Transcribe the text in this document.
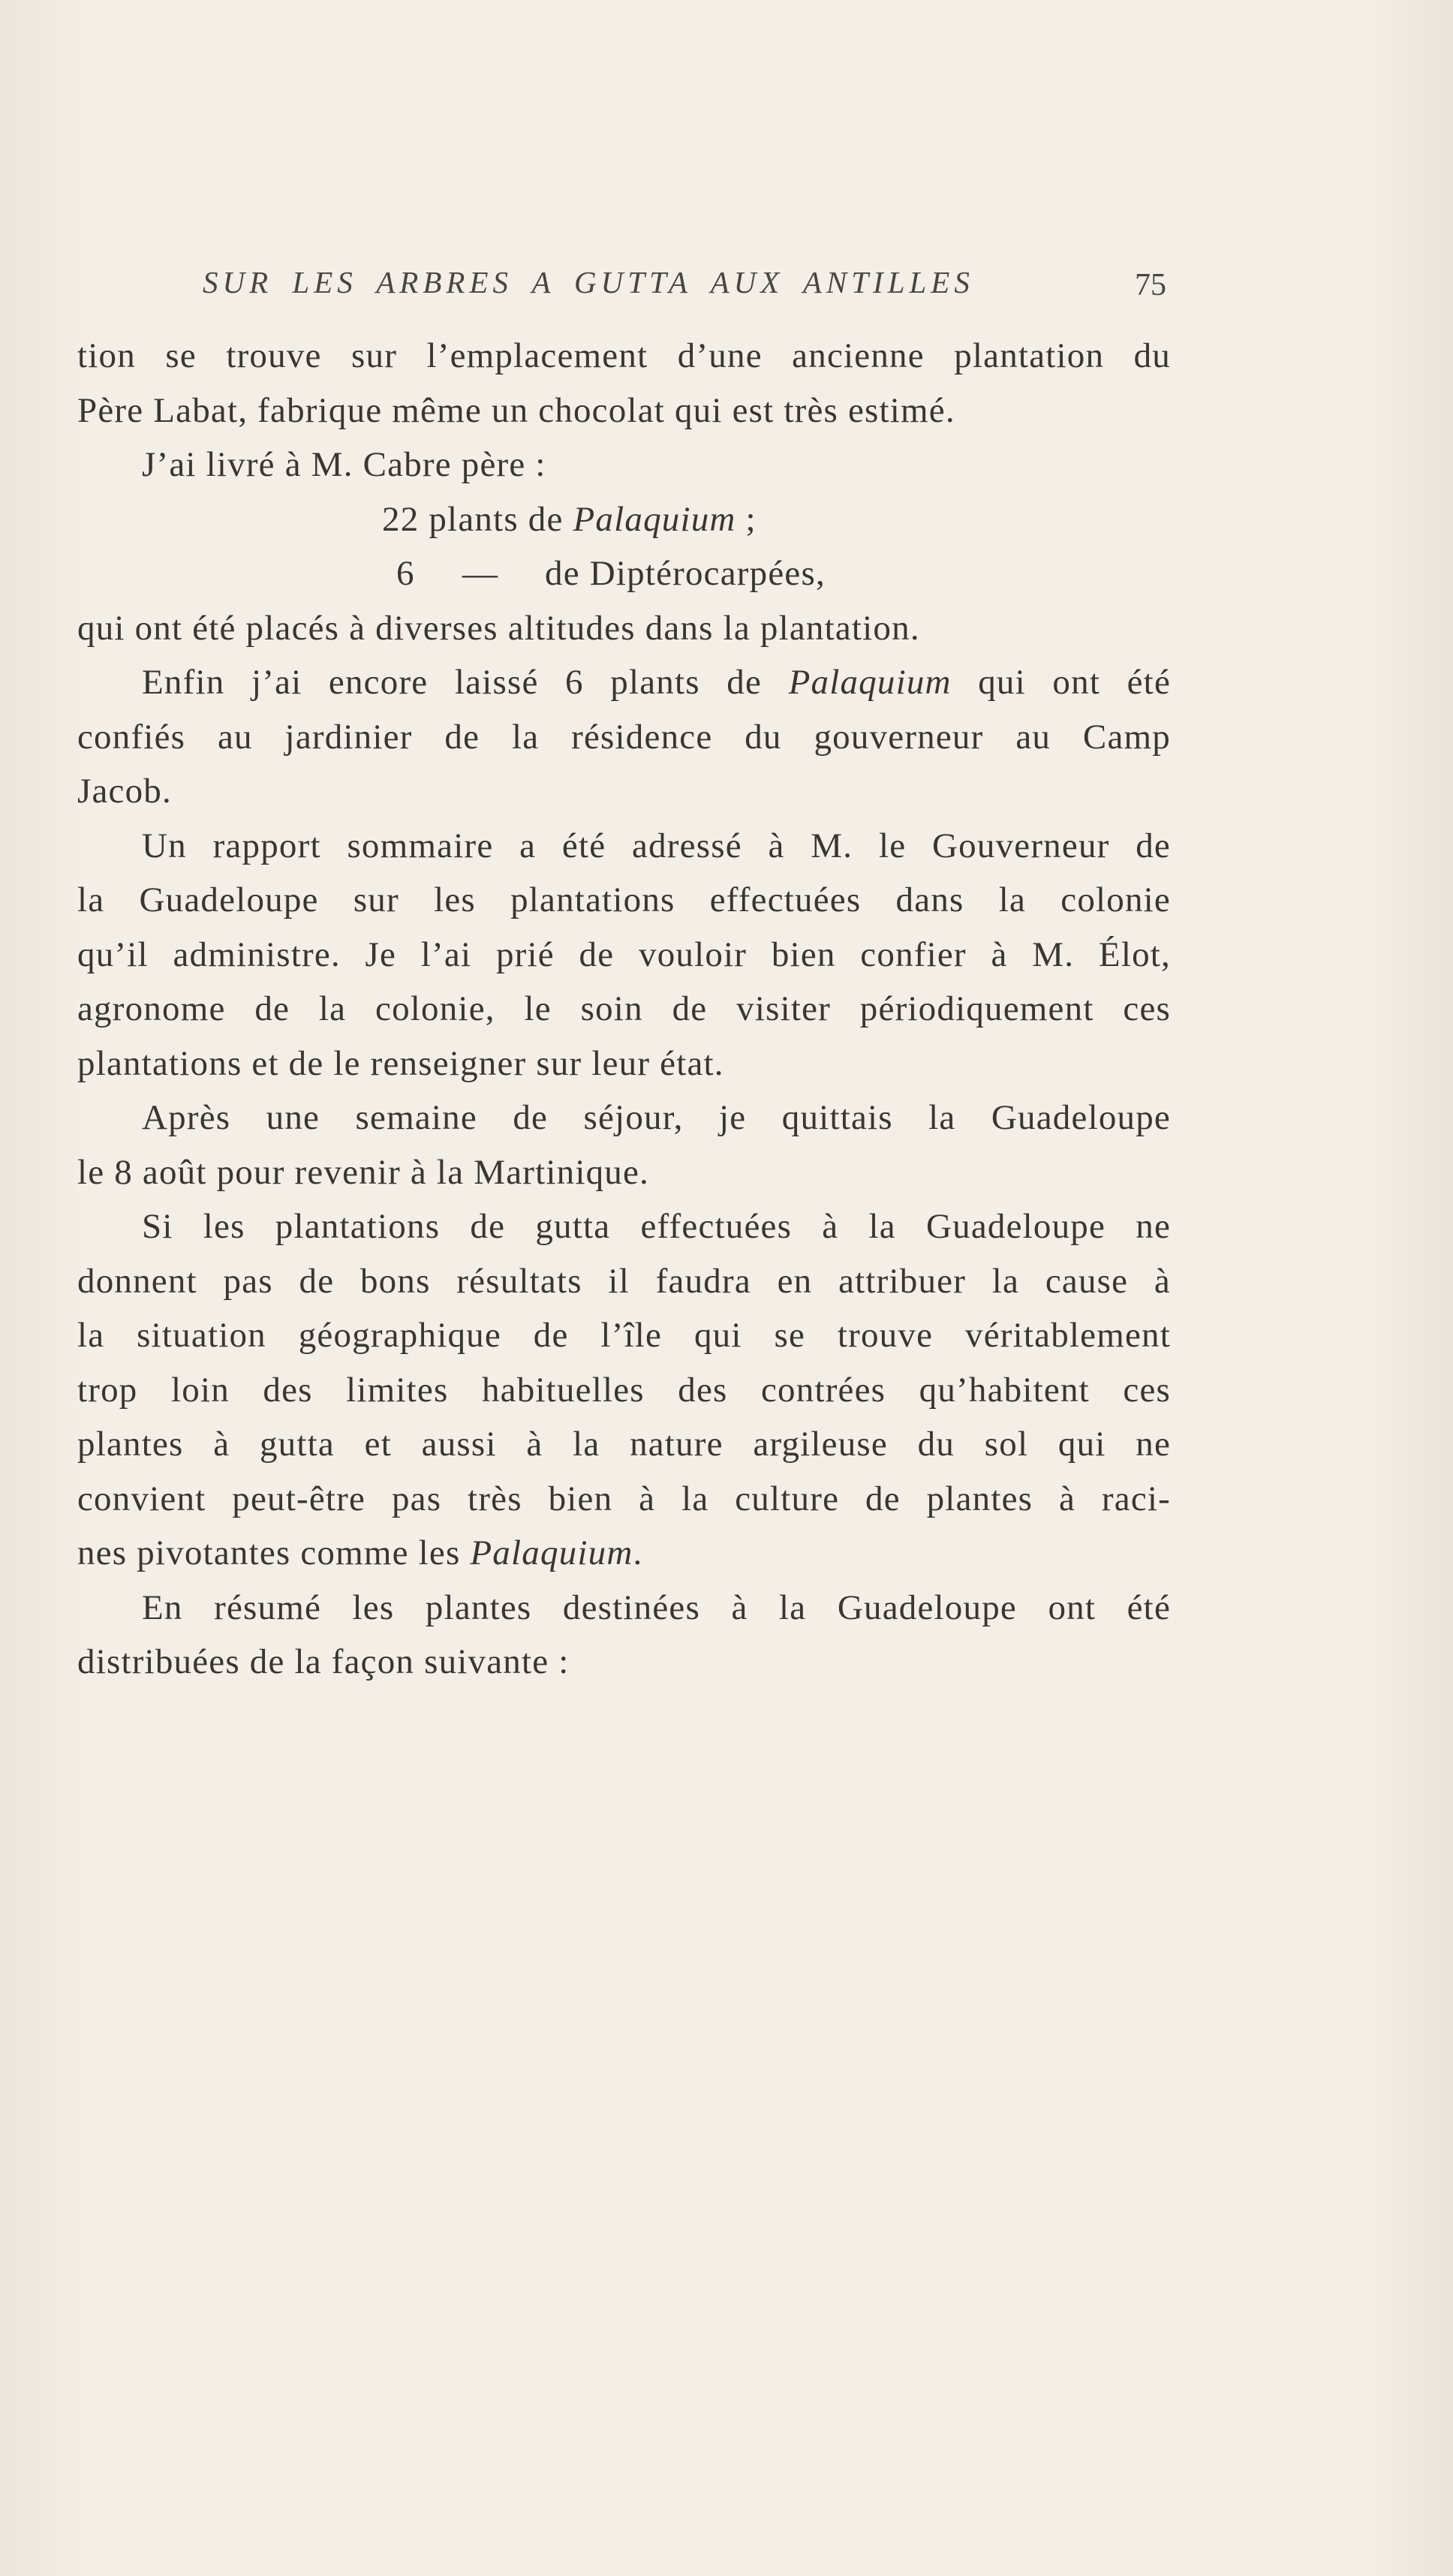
SUR LES ARBRES A GUTTA AUX ANTILLES	75
tion se trouve sur l’emplacement d’une ancienne plantation du
Père Labat, fabrique même un chocolat qui est très estimé.
J’ai livré à M. Cabre père :
22 plants de Palaquium ;
6 — de Diptérocarpées,
qui ont été placés à diverses altitudes dans la plantation.
Enfin j’ai encore laissé 6 plants de Palaquium qui ont été
confiés au jardinier de la résidence du gouverneur au Camp
Jacob.
Un rapport sommaire a été adressé à M. le Gouverneur de
la Guadeloupe sur les plantations effectuées dans la colonie
qu’il administre. Je l’ai prié de vouloir bien confier à M. Élot,
agronome de la colonie, le soin de visiter périodiquement ces
plantations et de le renseigner sur leur état.
Après une semaine de séjour, je quittais la Guadeloupe
le 8 août pour revenir à la Martinique.
Si les plantations de gutta effectuées à la Guadeloupe ne
donnent pas de bons résultats il faudra en attribuer la cause à
la situation géographique de l’île qui se trouve véritablement
trop loin des limites habituelles des contrées qu’habitent ces
plantes à gutta et aussi à la nature argileuse du sol qui ne
convient peut-être pas très bien à la culture de plantes à raci-
nes pivotantes comme les Palaquium.
En résumé les plantes destinées à la Guadeloupe ont été
distribuées de la façon suivante :
